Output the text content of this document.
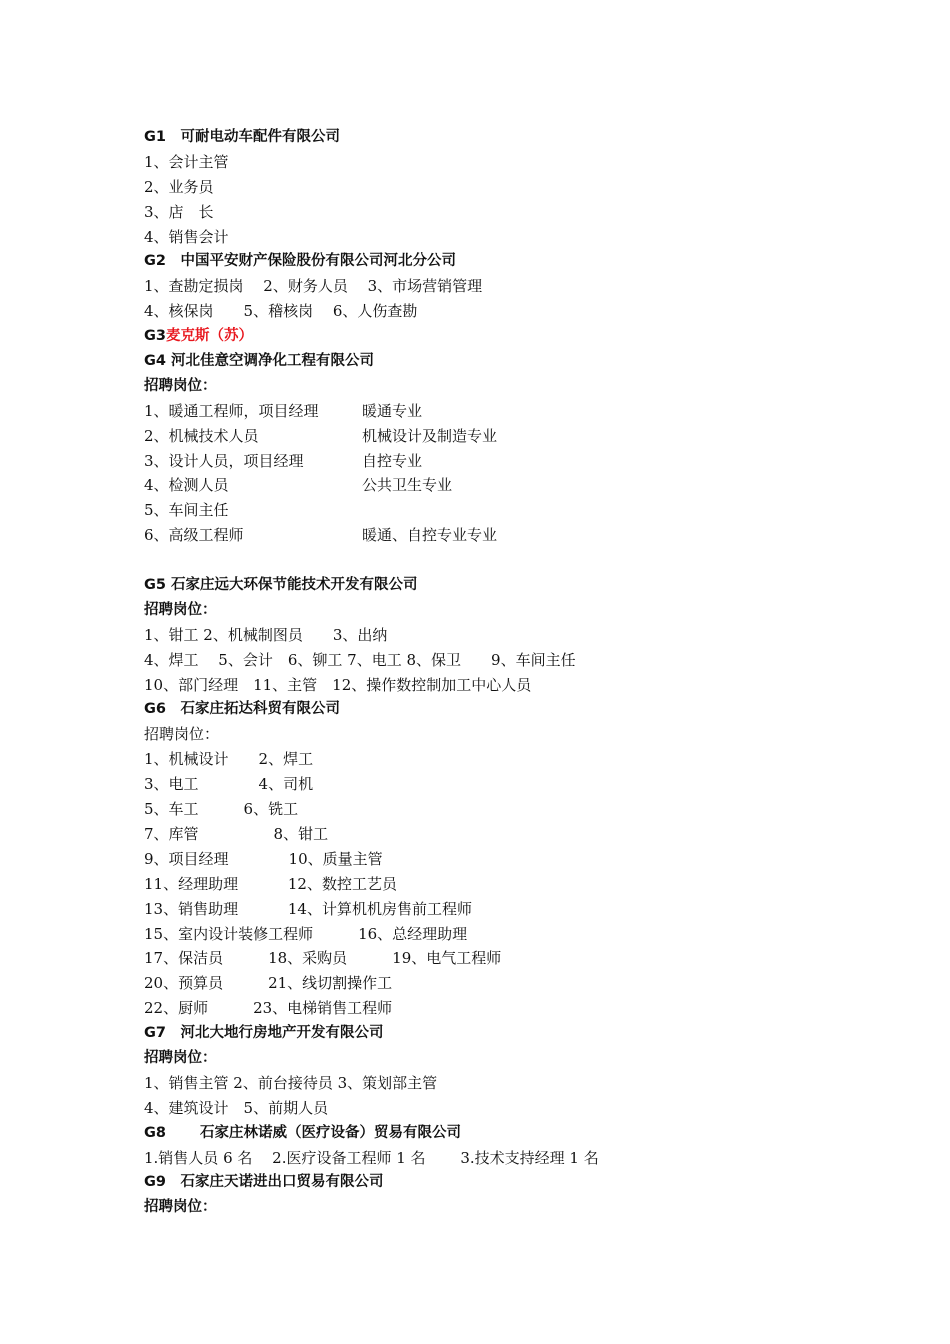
G1　可耐电动车配件有限公司
1、会计主管
2、业务员
3、店　长
4、销售会计
G2　中国平安财产保险股份有限公司河北分公司
1、查勘定损岗　 2、财务人员　 3、市场营销管理
4、核保岗　　5、稽核岗　 6、人伤查勘
G3麦克斯（苏）
G4 河北佳意空调净化工程有限公司
招聘岗位：
1、暖通工程师，项目经理	暖通专业
2、机械技术人员	机械设计及制造专业
3、设计人员，项目经理	自控专业
4、检测人员	公共卫生专业
5、车间主任
6、高级工程师	暖通、自控专业专业
G5 石家庄远大环保节能技术开发有限公司
招聘岗位：
1、钳工 2、机械制图员　　3、出纳
4、焊工　 5、会计　6、铆工 7、电工 8、保卫　　9、车间主任
10、部门经理　11、主管　12、操作数控制加工中心人员
G6　石家庄拓达科贸有限公司
招聘岗位：
1、机械设计　　2、焊工
3、电工　　　　4、司机
5、车工　　　6、铣工
7、库管　　　　　8、钳工
9、项目经理　　　　10、质量主管
11、经理助理　　　 12、数控工艺员
13、销售助理　　　 14、计算机机房售前工程师
15、室内设计装修工程师　　　16、总经理助理
17、保洁员　　　18、采购员　　　19、电气工程师
20、预算员　　　21、线切割操作工
22、厨师　　　23、电梯销售工程师
G7　河北大地行房地产开发有限公司
招聘岗位：
1、销售主管 2、前台接待员 3、策划部主管
4、建筑设计　5、前期人员
G8　　 石家庄林诺威（医疗设备）贸易有限公司
1.销售人员 6 名　 2.医疗设备工程师 1 名　　 3.技术支持经理 1 名
G9　石家庄天诺进出口贸易有限公司
招聘岗位：
